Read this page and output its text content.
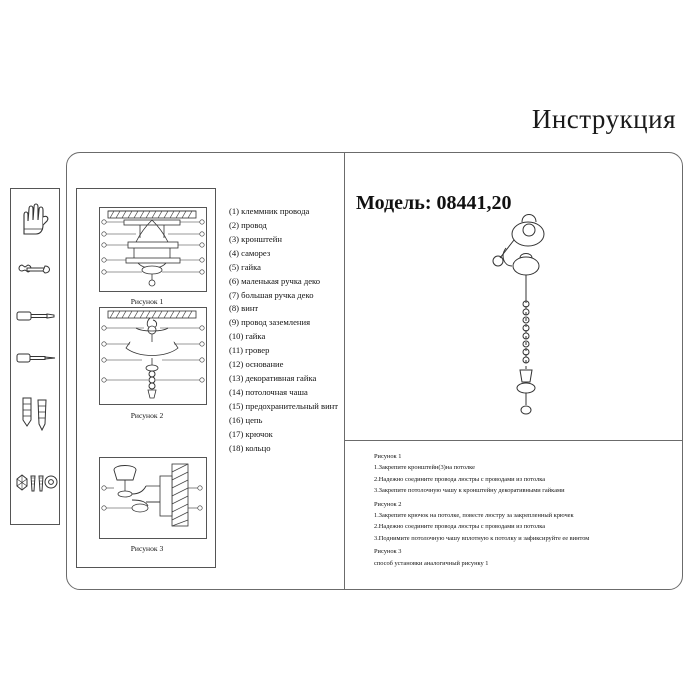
Инструкция
Модель: 08441,20
(1) клеммник провода
(2) провод
(3) кронштейн
(4) саморез
(5) гайка
(6) маленькая ручка деко
(7) большая ручка деко
(8) винт
(9) провод заземления
(10) гайка
(11) гровер
(12) основание
(13) декоративная гайка
(14) потолочная чаша
(15) предохранительный винт
(16) цепь
(17) крючок
(18) кольцо
Рисунок 1
1.Закрепите кронштейн(3)на потолке
2.Надежно соедините провода люстры с проводами из потолка
3.Закрепите потолочную чашу к кронштейну декоративными гайками
Рисунок 2
1.Закрепите крючок на потолке, повесте люстру за закрепленный крючек
2.Надежно соедините провода люстры с проводами из потолка
3.Поднимите потолочную чашу вплотную к потолку и зафиксируйте ее винтом
Рисунок 3
способ установки аналогичный рисунку 1
Рисунок 1
Рисунок 2
Рисунок 3
